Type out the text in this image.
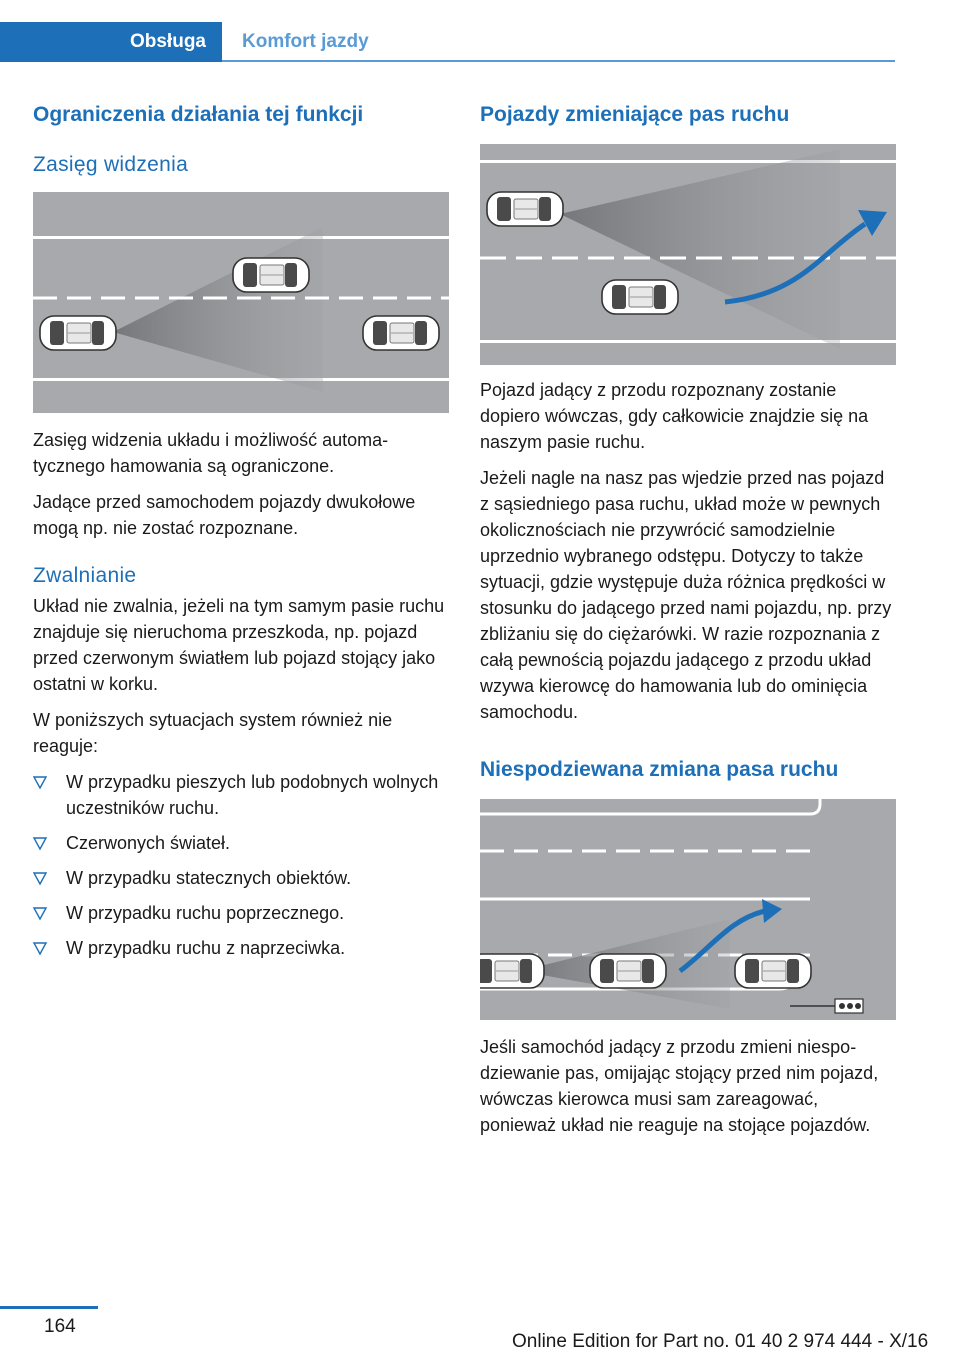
Obsługa	Komfort jazdy
Ograniczenia działania tej funkcji
Zasięg widzenia

Zasięg widzenia układu i możliwość automatycznego hamowania są ograniczone.

Jadące przed samochodem pojazdy dwukołowe mogą np. nie zostać rozpoznane.

Zwalnianie

Układ nie zwalnia, jeżeli na tym samym pasie ruchu znajduje się nieruchoma przeszkoda, np. pojazd przed czerwonym światłem lub pojazd stojący jako ostatni w korku.

W poniższych sytuacjach system również nie reaguje:

W przypadku pieszych lub podobnych wolnych uczestników ruchu.
Czerwonych świateł.
W przypadku statecznych obiektów.
W przypadku ruchu poprzecznego.
W przypadku ruchu z naprzeciwka.
Pojazdy zmieniające pas ruchu

Pojazd jadący z przodu rozpoznany zostanie dopiero wówczas, gdy całkowicie znajdzie się na naszym pasie ruchu.

Jeżeli nagle na nasz pas wjedzie przed nas pojazd z sąsiedniego pasa ruchu, układ może w pewnych okolicznościach nie przywrócić samodzielnie uprzednio wybranego odstępu. Dotyczy to także sytuacji, gdzie występuje duża różnica prędkości w stosunku do jadącego przed nami pojazdu, np. przy zbliżaniu się do ciężarówki. W razie rozpoznania z całą pewnością pojazdu jadącego z przodu układ wzywa kierowcę do hamowania lub do ominięcia samochodu.

Niespodziewana zmiana pasa ruchu

Jeśli samochód jadący z przodu zmieni niespodziewanie pas, omijając stojący przed nim pojazd, wówczas kierowca musi sam zareagować, ponieważ układ nie reaguje na stojące pojazdów.

164
Online Edition for Part no. 01 40 2 974 444 - X/16
